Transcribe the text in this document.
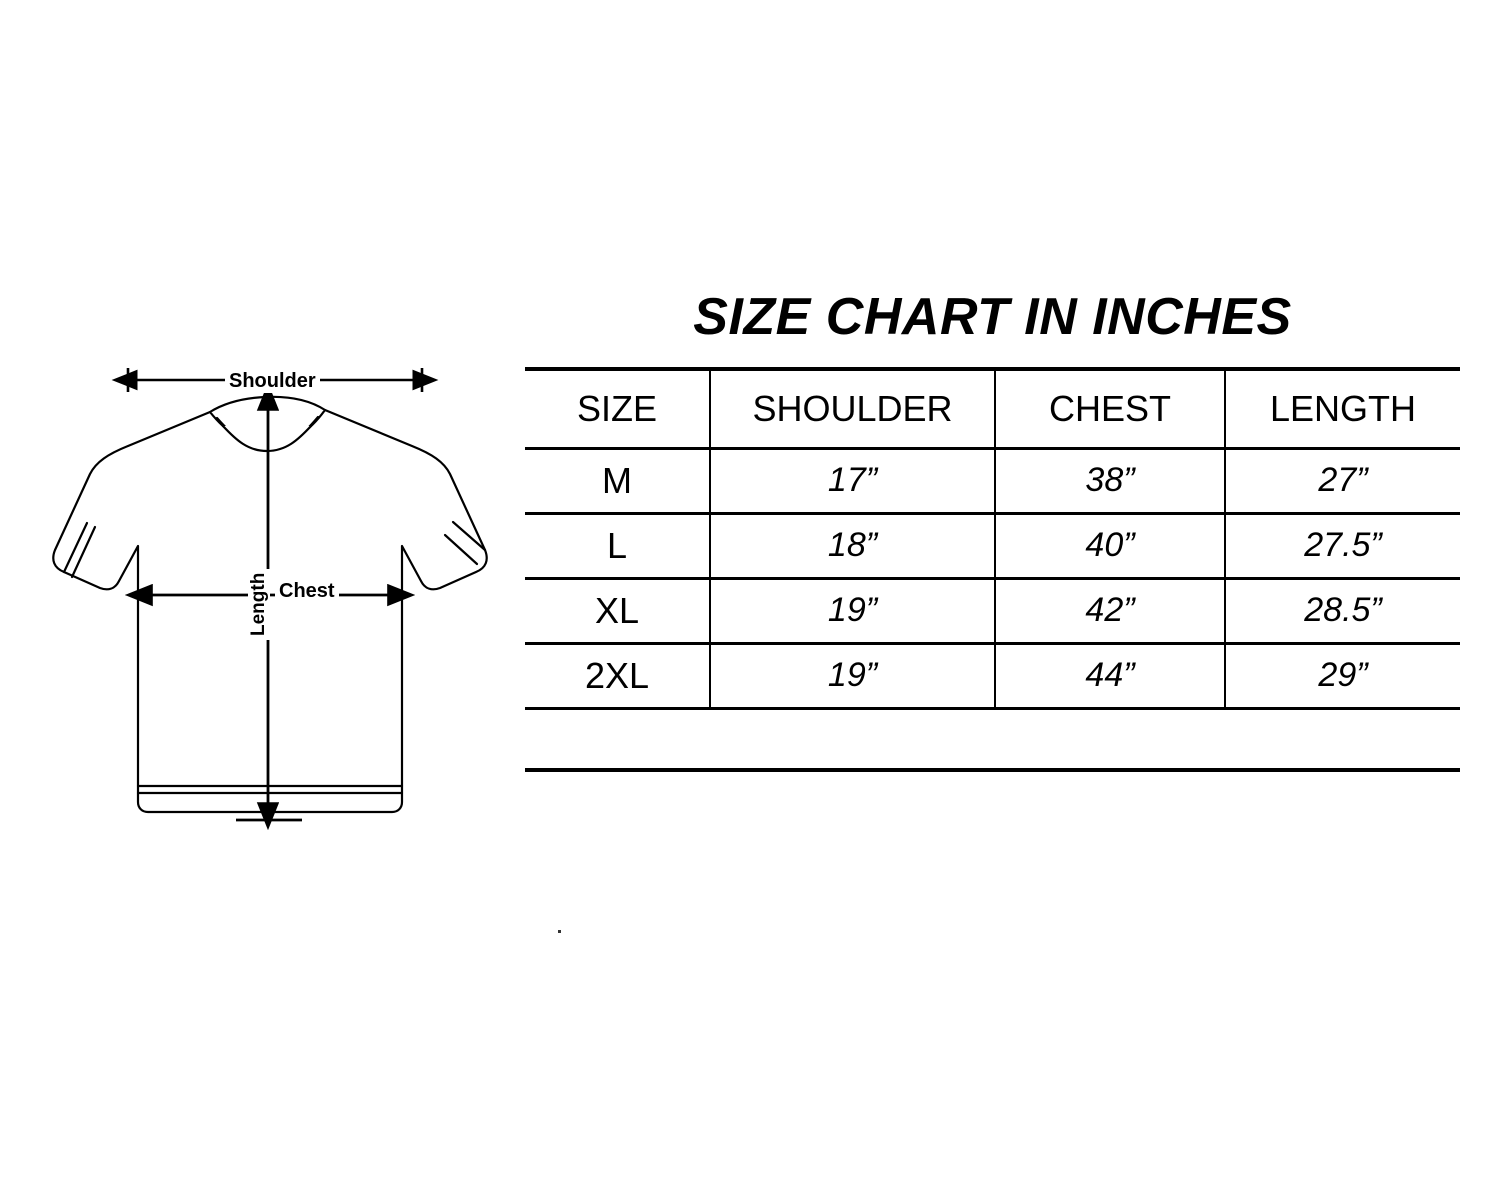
Shoulder
Chest
Length
SIZE CHART IN INCHES
SIZE	SHOULDER	CHEST	LENGTH
M	17”	38”	27”
L	18”	40”	27.5”
XL	19”	42”	28.5”
2XL	19”	44”	29”
